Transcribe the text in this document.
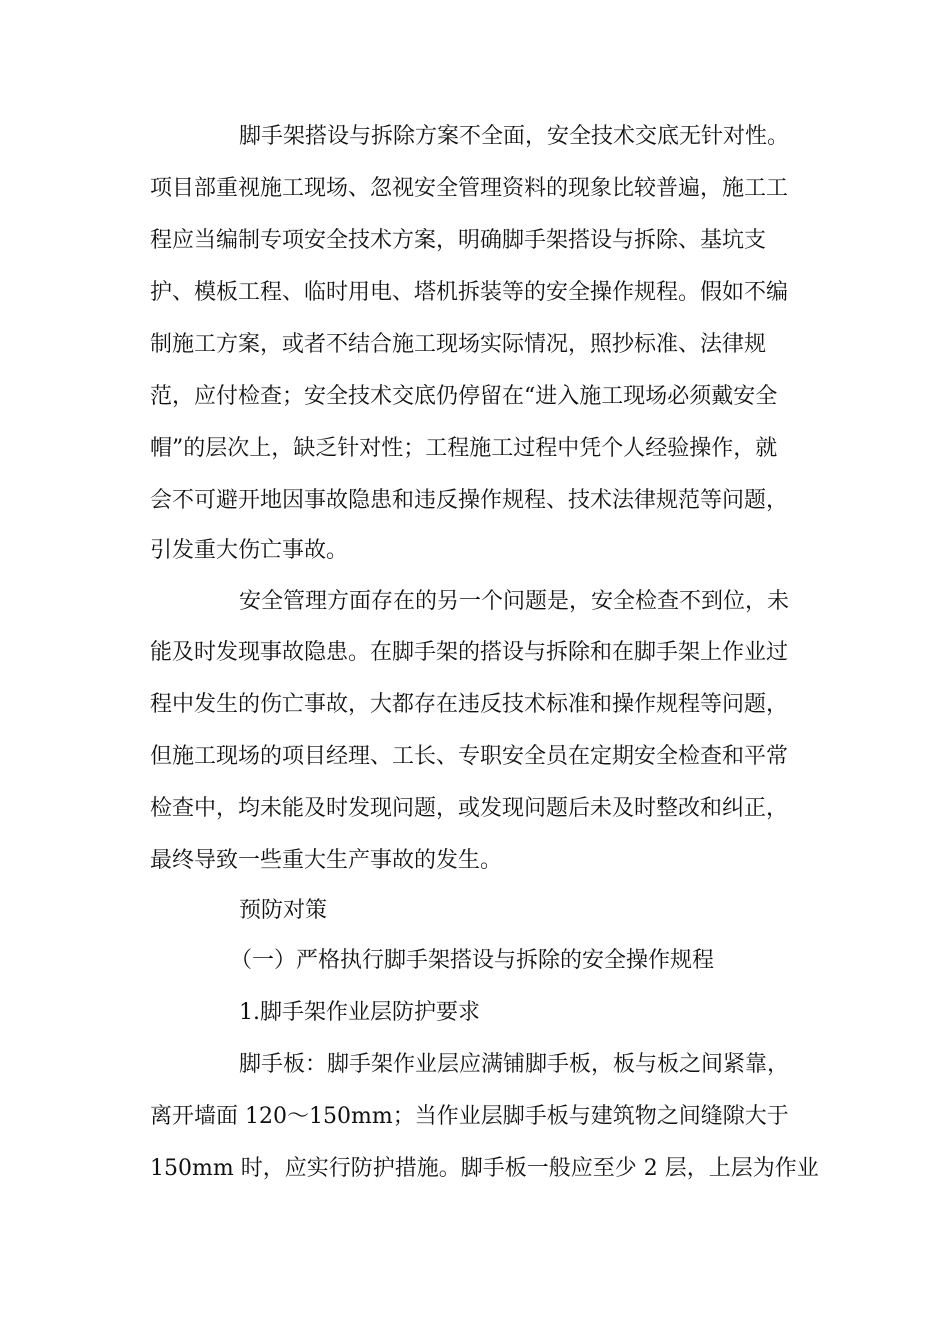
脚手架搭设与拆除方案不全面，安全技术交底无针对性。
项目部重视施工现场、忽视安全管理资料的现象比较普遍，施工工
程应当编制专项安全技术方案，明确脚手架搭设与拆除、基坑支
护、模板工程、临时用电、塔机拆装等的安全操作规程。假如不编
制施工方案，或者不结合施工现场实际情况，照抄标准、法律规
范，应付检查；安全技术交底仍停留在“进入施工现场必须戴安全
帽”的层次上，缺乏针对性；工程施工过程中凭个人经验操作，就
会不可避开地因事故隐患和违反操作规程、技术法律规范等问题，
引发重大伤亡事故。
安全管理方面存在的另一个问题是，安全检查不到位，未
能及时发现事故隐患。在脚手架的搭设与拆除和在脚手架上作业过
程中发生的伤亡事故，大都存在违反技术标准和操作规程等问题，
但施工现场的项目经理、工长、专职安全员在定期安全检查和平常
检查中，均未能及时发现问题，或发现问题后未及时整改和纠正，
最终导致一些重大生产事故的发生。
预防对策
（一）严格执行脚手架搭设与拆除的安全操作规程
1.脚手架作业层防护要求
脚手板：脚手架作业层应满铺脚手板，板与板之间紧靠，
离开墙面 120～150mm；当作业层脚手板与建筑物之间缝隙大于
150mm 时，应实行防护措施。脚手板一般应至少 2 层，上层为作业
